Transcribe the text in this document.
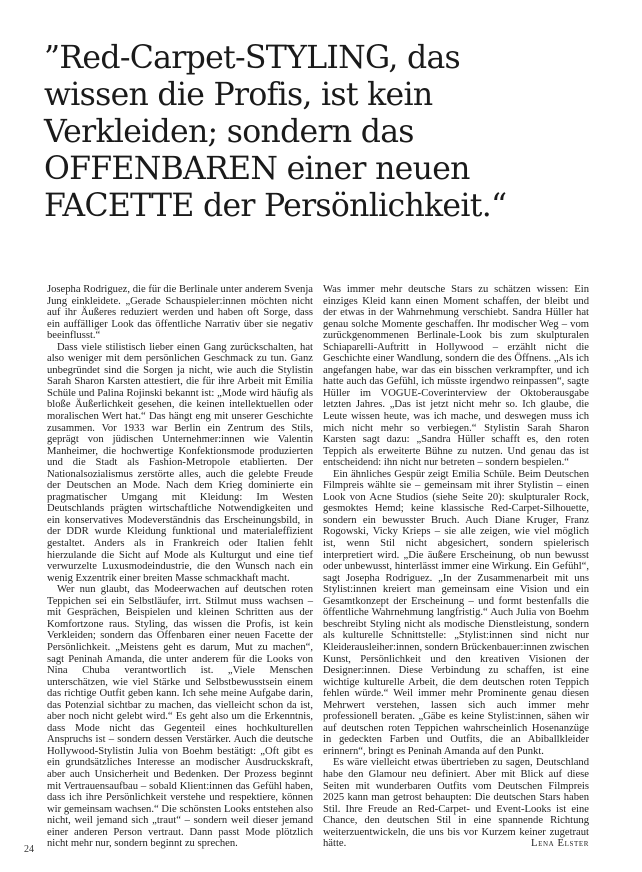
”Red-Carpet-STYLING, das
wissen die Profis, ist kein
Verkleiden; sondern das
OFFENBAREN einer neuen
FACETTE der Persönlichkeit.“

Josepha Rodriguez, die für die Berlinale unter anderem Svenja Jung einkleidete. „Gerade Schauspieler:innen möchten nicht auf ihr Äußeres reduziert werden und haben oft Sorge, dass ein auffälliger Look das öffentliche Narrativ über sie negativ beeinflusst.“

Dass viele stilistisch lieber einen Gang zurückschalten, hat also weniger mit dem persönlichen Geschmack zu tun. Ganz unbegründet sind die Sorgen ja nicht, wie auch die Stylistin Sarah Sharon Karsten attestiert, die für ihre Arbeit mit Emilia Schüle und Palina Rojinski bekannt ist: „Mode wird häufig als bloße Äußerlichkeit gesehen, die keinen intellektuellen oder moralischen Wert hat.“ Das hängt eng mit unserer Geschichte zusammen. Vor 1933 war Berlin ein Zentrum des Stils, geprägt von jüdischen Unternehmer:innen wie Valentin Manheimer, die hochwertige Konfektionsmode produzierten und die Stadt als Fashion-Metropole etablierten. Der Nationalsozialismus zerstörte alles, auch die gelebte Freude der Deutschen an Mode. Nach dem Krieg dominierte ein pragmatischer Umgang mit Kleidung: Im Westen Deutschlands prägten wirtschaftliche Notwendigkeiten und ein konservatives Modeverständnis das Erscheinungsbild, in der DDR wurde Kleidung funktional und materialeffizient gestaltet. Anders als in Frankreich oder Italien fehlt hierzulande die Sicht auf Mode als Kulturgut und eine tief verwurzelte Luxusmodeindustrie, die den Wunsch nach ein wenig Exzentrik einer breiten Masse schmackhaft macht.

Wer nun glaubt, das Modeerwachen auf deutschen roten Teppichen sei ein Selbstläufer, irrt. Stilmut muss wachsen – mit Gesprächen, Beispielen und kleinen Schritten aus der Komfortzone raus. Styling, das wissen die Profis, ist kein Verkleiden; sondern das Offenbaren einer neuen Facette der Persönlichkeit. „Meistens geht es darum, Mut zu machen“, sagt Peninah Amanda, die unter anderem für die Looks von Nina Chuba verantwortlich ist. „Viele Menschen unterschätzen, wie viel Stärke und Selbstbewusstsein einem das richtige Outfit geben kann. Ich sehe meine Aufgabe darin, das Potenzial sichtbar zu machen, das vielleicht schon da ist, aber noch nicht gelebt wird.“ Es geht also um die Erkenntnis, dass Mode nicht das Gegenteil eines hochkulturellen Anspruchs ist – sondern dessen Verstärker. Auch die deutsche Hollywood-Stylistin Julia von Boehm bestätigt: „Oft gibt es ein grundsätzliches Interesse an modischer Ausdruckskraft, aber auch Unsicherheit und Bedenken. Der Prozess beginnt mit Vertrauensaufbau – sobald Klient:innen das Gefühl haben, dass ich ihre Persönlichkeit verstehe und respektiere, können wir gemeinsam wachsen.“ Die schönsten Looks entstehen also nicht, weil jemand sich „traut“ – sondern weil dieser jemand einer anderen Person vertraut. Dann passt Mode plötzlich nicht mehr nur, sondern beginnt zu sprechen.

Was immer mehr deutsche Stars zu schätzen wissen: Ein einziges Kleid kann einen Moment schaffen, der bleibt und der etwas in der Wahrnehmung verschiebt. Sandra Hüller hat genau solche Momente geschaffen. Ihr modischer Weg – vom zurückgenommenen Berlinale-Look bis zum skulpturalen Schiaparelli-Auftritt in Hollywood – erzählt nicht die Geschichte einer Wandlung, sondern die des Öffnens. „Als ich angefangen habe, war das ein bisschen verkrampfter, und ich hatte auch das Gefühl, ich müsste irgendwo reinpassen“, sagte Hüller im VOGUE-Coverinterview der Oktoberausgabe letzten Jahres. „Das ist jetzt nicht mehr so. Ich glaube, die Leute wissen heute, was ich mache, und deswegen muss ich mich nicht mehr so verbiegen.“ Stylistin Sarah Sharon Karsten sagt dazu: „Sandra Hüller schafft es, den roten Teppich als erweiterte Bühne zu nutzen. Und genau das ist entscheidend: ihn nicht nur betreten – sondern bespielen.“

Ein ähnliches Gespür zeigt Emilia Schüle. Beim Deutschen Filmpreis wählte sie – gemeinsam mit ihrer Stylistin – einen Look von Acne Studios (siehe Seite 20): skulpturaler Rock, gesmoktes Hemd; keine klassische Red-Carpet-Silhouette, sondern ein bewusster Bruch. Auch Diane Kruger, Franz Rogowski, Vicky Krieps – sie alle zeigen, wie viel möglich ist, wenn Stil nicht abgesichert, sondern spielerisch interpretiert wird. „Die äußere Erscheinung, ob nun bewusst oder unbewusst, hinterlässt immer eine Wirkung. Ein Gefühl“, sagt Josepha Rodriguez. „In der Zusammenarbeit mit uns Stylist:innen kreiert man gemeinsam eine Vision und ein Gesamtkonzept der Erscheinung – und formt bestenfalls die öffentliche Wahrnehmung langfristig.“ Auch Julia von Boehm beschreibt Styling nicht als modische Dienstleistung, sondern als kulturelle Schnittstelle: „Stylist:innen sind nicht nur Kleiderausleiher:innen, sondern Brückenbauer:innen zwischen Kunst, Persönlichkeit und den kreativen Visionen der Designer:innen. Diese Verbindung zu schaffen, ist eine wichtige kulturelle Arbeit, die dem deutschen roten Teppich fehlen würde.“ Weil immer mehr Prominente genau diesen Mehrwert verstehen, lassen sich auch immer mehr professionell beraten. „Gäbe es keine Stylist:innen, sähen wir auf deutschen roten Teppichen wahrscheinlich Hosenanzüge in gedeckten Farben und Outfits, die an Abiballkleider erinnern“, bringt es Peninah Amanda auf den Punkt.

Es wäre vielleicht etwas übertrieben zu sagen, Deutschland habe den Glamour neu definiert. Aber mit Blick auf diese Seiten mit wunderbaren Outfits vom Deutschen Filmpreis 2025 kann man getrost behaupten: Die deutschen Stars haben Stil. Ihre Freude an Red-Carpet- und Event-Looks ist eine Chance, den deutschen Stil in eine spannende Richtung weiterzuentwickeln, die uns bis vor Kurzem keiner zugetraut hätte.	Lena Elster
24
